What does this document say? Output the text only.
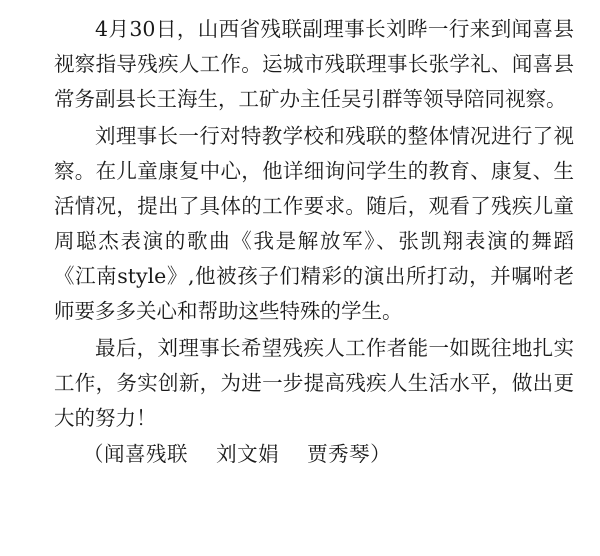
4月30日，山西省残联副理事长刘晔一行来到闻喜县视察指导残疾人工作。运城市残联理事长张学礼、闻喜县常务副县长王海生，工矿办主任吴引群等领导陪同视察。

刘理事长一行对特教学校和残联的整体情况进行了视察。在儿童康复中心，他详细询问学生的教育、康复、生活情况，提出了具体的工作要求。随后，观看了残疾儿童周聪杰表演的歌曲《我是解放军》、张凯翔表演的舞蹈《江南style》,他被孩子们精彩的演出所打动，并嘱咐老师要多多关心和帮助这些特殊的学生。

最后，刘理事长希望残疾人工作者能一如既往地扎实工作，务实创新，为进一步提高残疾人生活水平，做出更大的努力！

（闻喜残联    刘文娟    贾秀琴）
